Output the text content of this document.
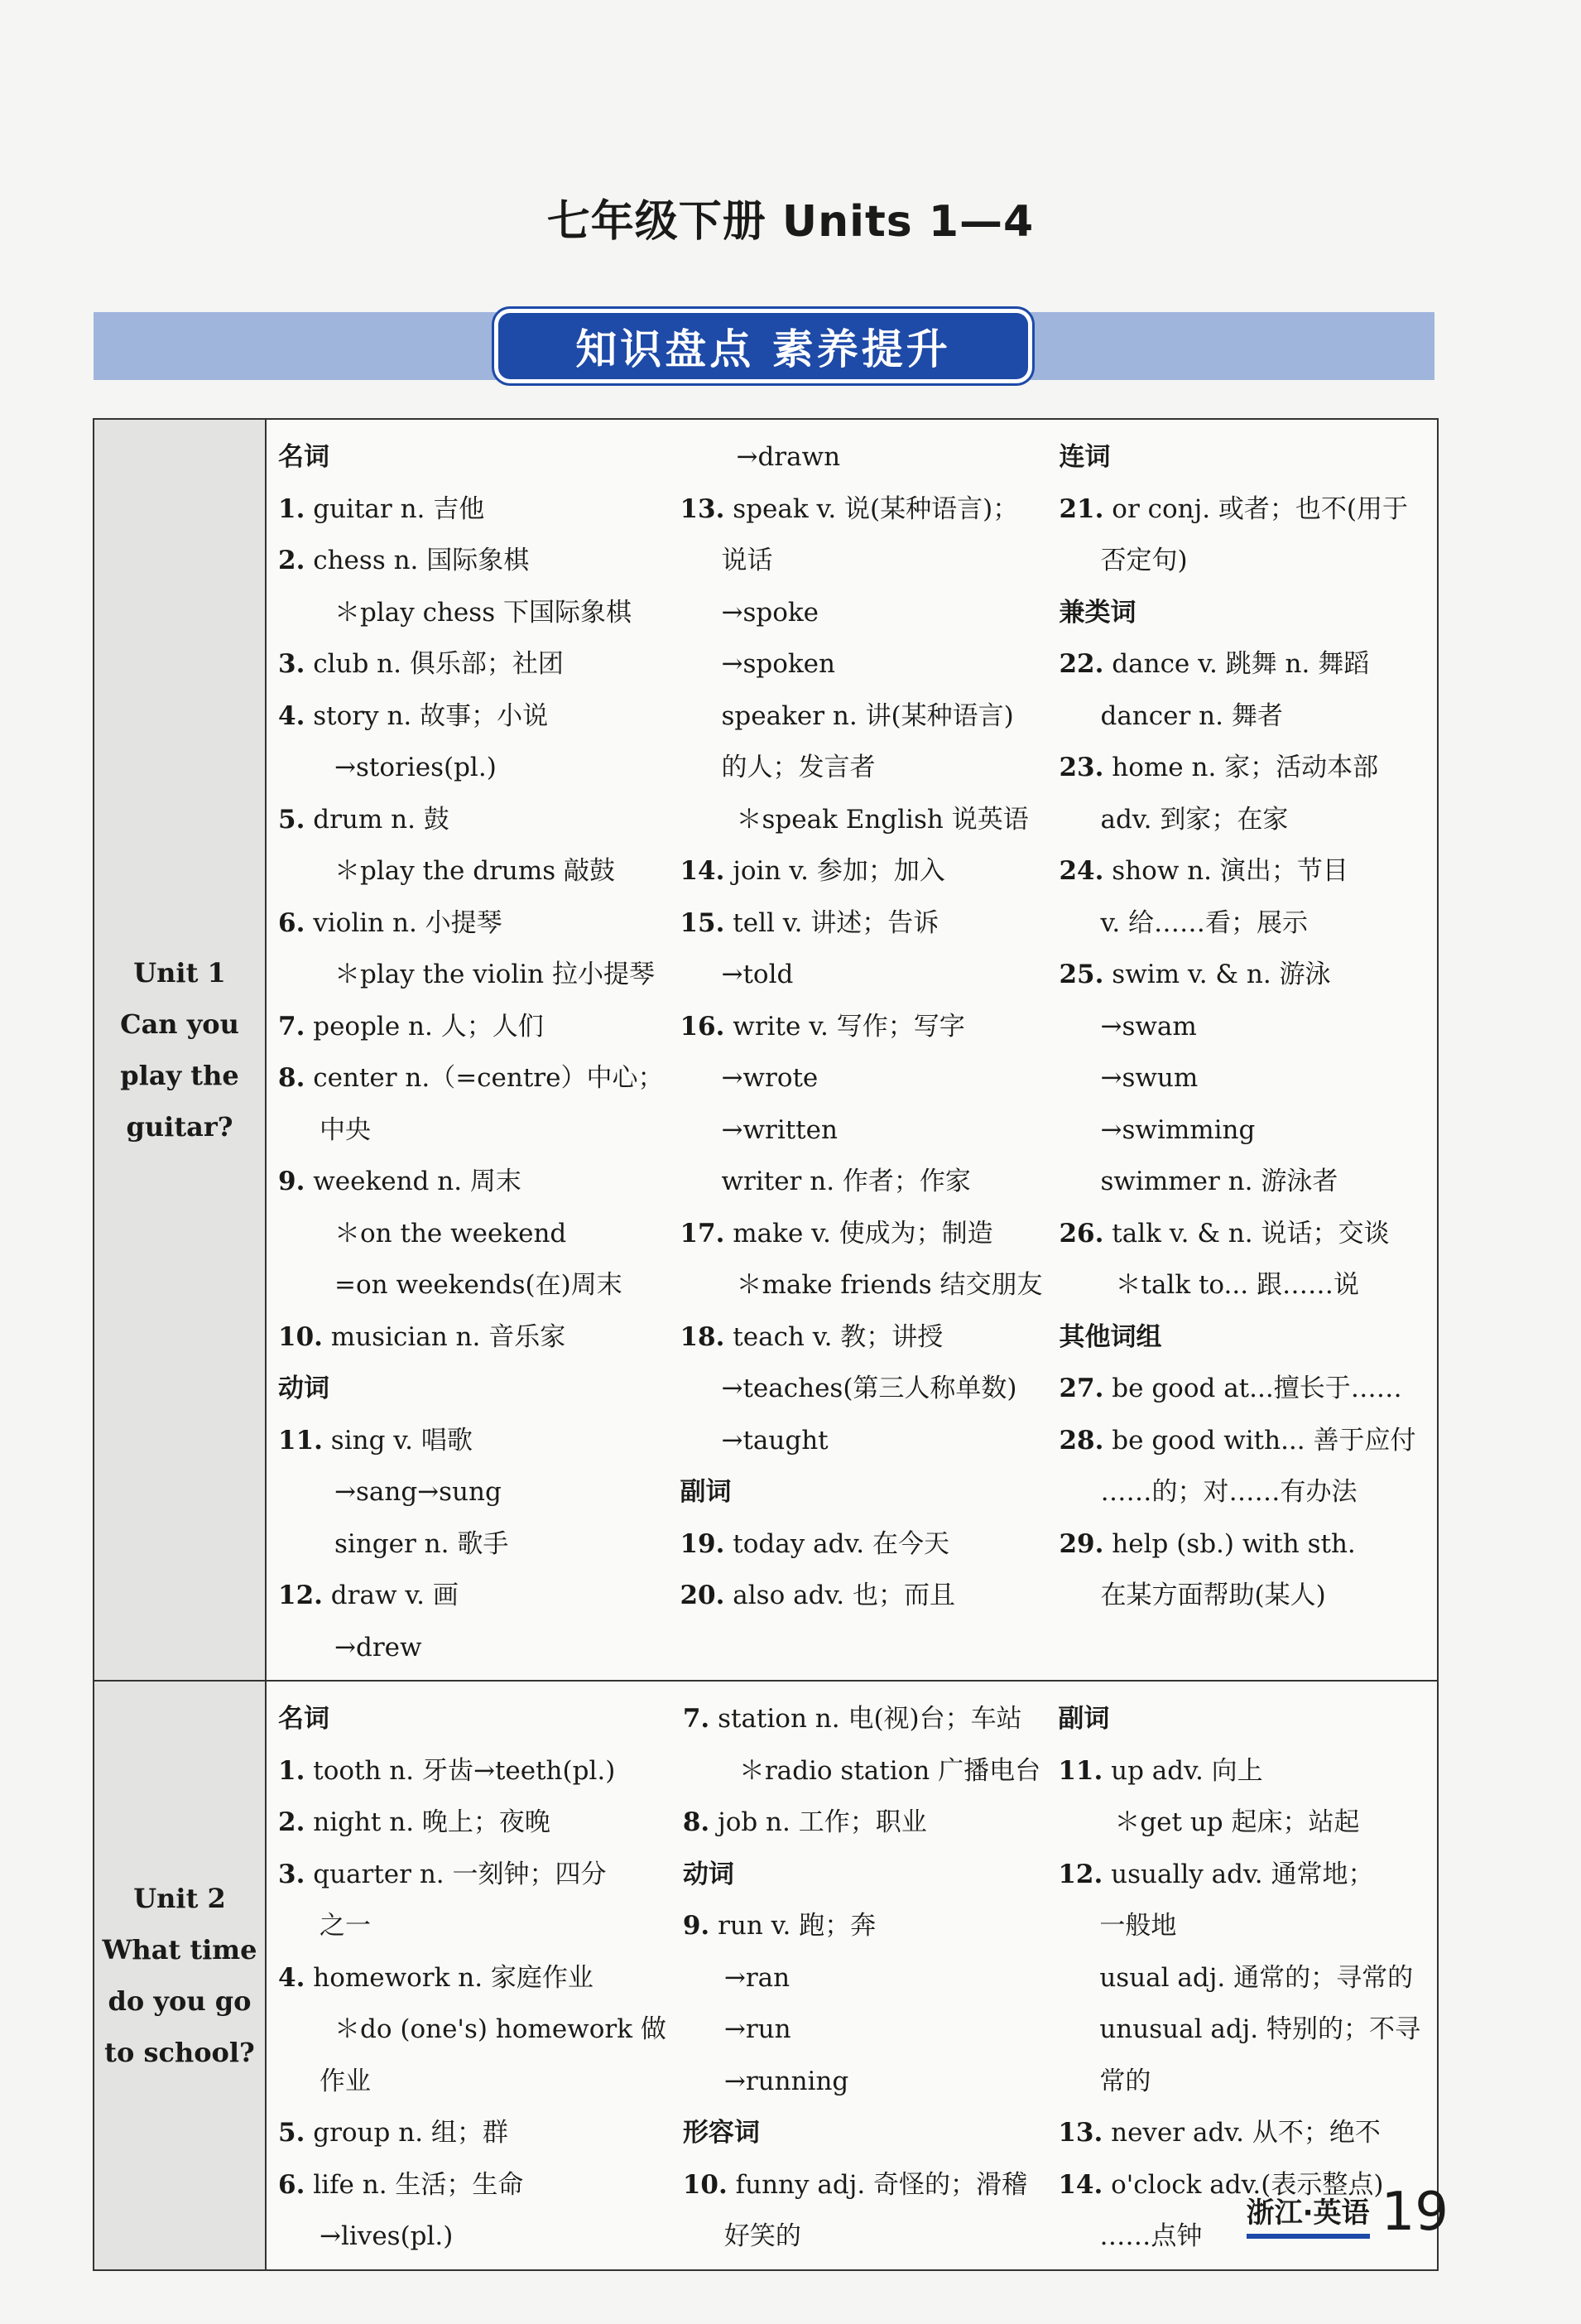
七年级下册 Units 1—4
知识盘点 素养提升
Unit 1
Can you
play the
guitar?
名词
1. guitar n. 吉他
2. chess n. 国际象棋
＊play chess 下国际象棋
3. club n. 俱乐部；社团
4. story n. 故事；小说
→stories(pl.)
5. drum n. 鼓
＊play the drums 敲鼓
6. violin n. 小提琴
＊play the violin 拉小提琴
7. people n. 人；人们
8. center n.（=centre）中心；
中央
9. weekend n. 周末
＊on the weekend
=on weekends(在)周末
10. musician n. 音乐家
动词
11. sing v. 唱歌
→sang→sung
singer n. 歌手
12. draw v. 画
→drew
→drawn
13. speak v. 说(某种语言)；
说话
→spoke
→spoken
speaker n. 讲(某种语言)
的人；发言者
＊speak English 说英语
14. join v. 参加；加入
15. tell v. 讲述；告诉
→told
16. write v. 写作；写字
→wrote
→written
writer n. 作者；作家
17. make v. 使成为；制造
＊make friends 结交朋友
18. teach v. 教；讲授
→teaches(第三人称单数)
→taught
副词
19. today adv. 在今天
20. also adv. 也；而且
连词
21. or conj. 或者；也不(用于
否定句)
兼类词
22. dance v. 跳舞 n. 舞蹈
dancer n. 舞者
23. home n. 家；活动本部
adv. 到家；在家
24. show n. 演出；节目
v. 给……看；展示
25. swim v. & n. 游泳
→swam
→swum
→swimming
swimmer n. 游泳者
26. talk v. & n. 说话；交谈
＊talk to... 跟……说
其他词组
27. be good at...擅长于……
28. be good with... 善于应付
……的；对……有办法
29. help (sb.) with sth.
在某方面帮助(某人)
Unit 2
What time
do you go
to school?
名词
1. tooth n. 牙齿→teeth(pl.)
2. night n. 晚上；夜晚
3. quarter n. 一刻钟；四分
之一
4. homework n. 家庭作业
＊do (one's) homework 做
作业
5. group n. 组；群
6. life n. 生活；生命
→lives(pl.)
7. station n. 电(视)台；车站
＊radio station 广播电台
8. job n. 工作；职业
动词
9. run v. 跑；奔
→ran
→run
→running
形容词
10. funny adj. 奇怪的；滑稽
好笑的
副词
11. up adv. 向上
＊get up 起床；站起
12. usually adv. 通常地；
一般地
usual adj. 通常的；寻常的
unusual adj. 特别的；不寻
常的
13. never adv. 从不；绝不
14. o'clock adv.(表示整点)
……点钟
浙江·英语 19
